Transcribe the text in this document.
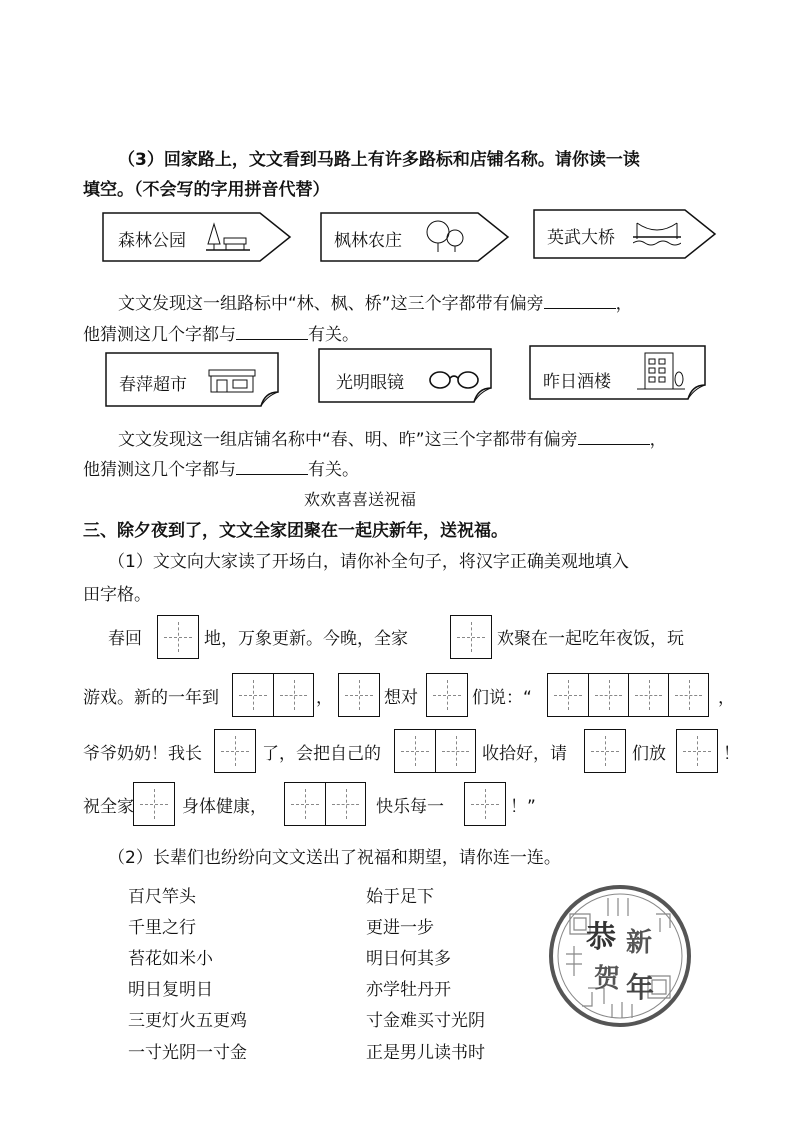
（3）回家路上，文文看到马路上有许多路标和店铺名称。请你读一读
填空。（不会写的字用拼音代替）
森林公园	枫林农庄	英武大桥
文文发现这一组路标中“林、枫、桥”这三个字都带有偏旁	，
他猜测这几个字都与	有关。
春萍超市	光明眼镜	昨日酒楼
文文发现这一组店铺名称中“春、明、昨”这三个字都带有偏旁	，
他猜测这几个字都与	有关。
欢欢喜喜送祝福
三、除夕夜到了，文文全家团聚在一起庆新年，送祝福。
（1）文文向大家读了开场白，请你补全句子，将汉字正确美观地填入
田字格。
春回	地，万象更新。今晚，全家	欢聚在一起吃年夜饭，玩
游戏。新的一年到	，	想对	们说：“	，
爷爷奶奶！我长	了，会把自己的	收拾好，请	们放	！
祝全家	身体健康，	快乐每一	！”
（2）长辈们也纷纷向文文送出了祝福和期望，请你连一连。
百尺竿头
千里之行
苔花如米小
明日复明日
三更灯火五更鸡
一寸光阴一寸金
始于足下
更进一步
明日何其多
亦学牡丹开
寸金难买寸光阴
正是男儿读书时
恭 新
贺 年
